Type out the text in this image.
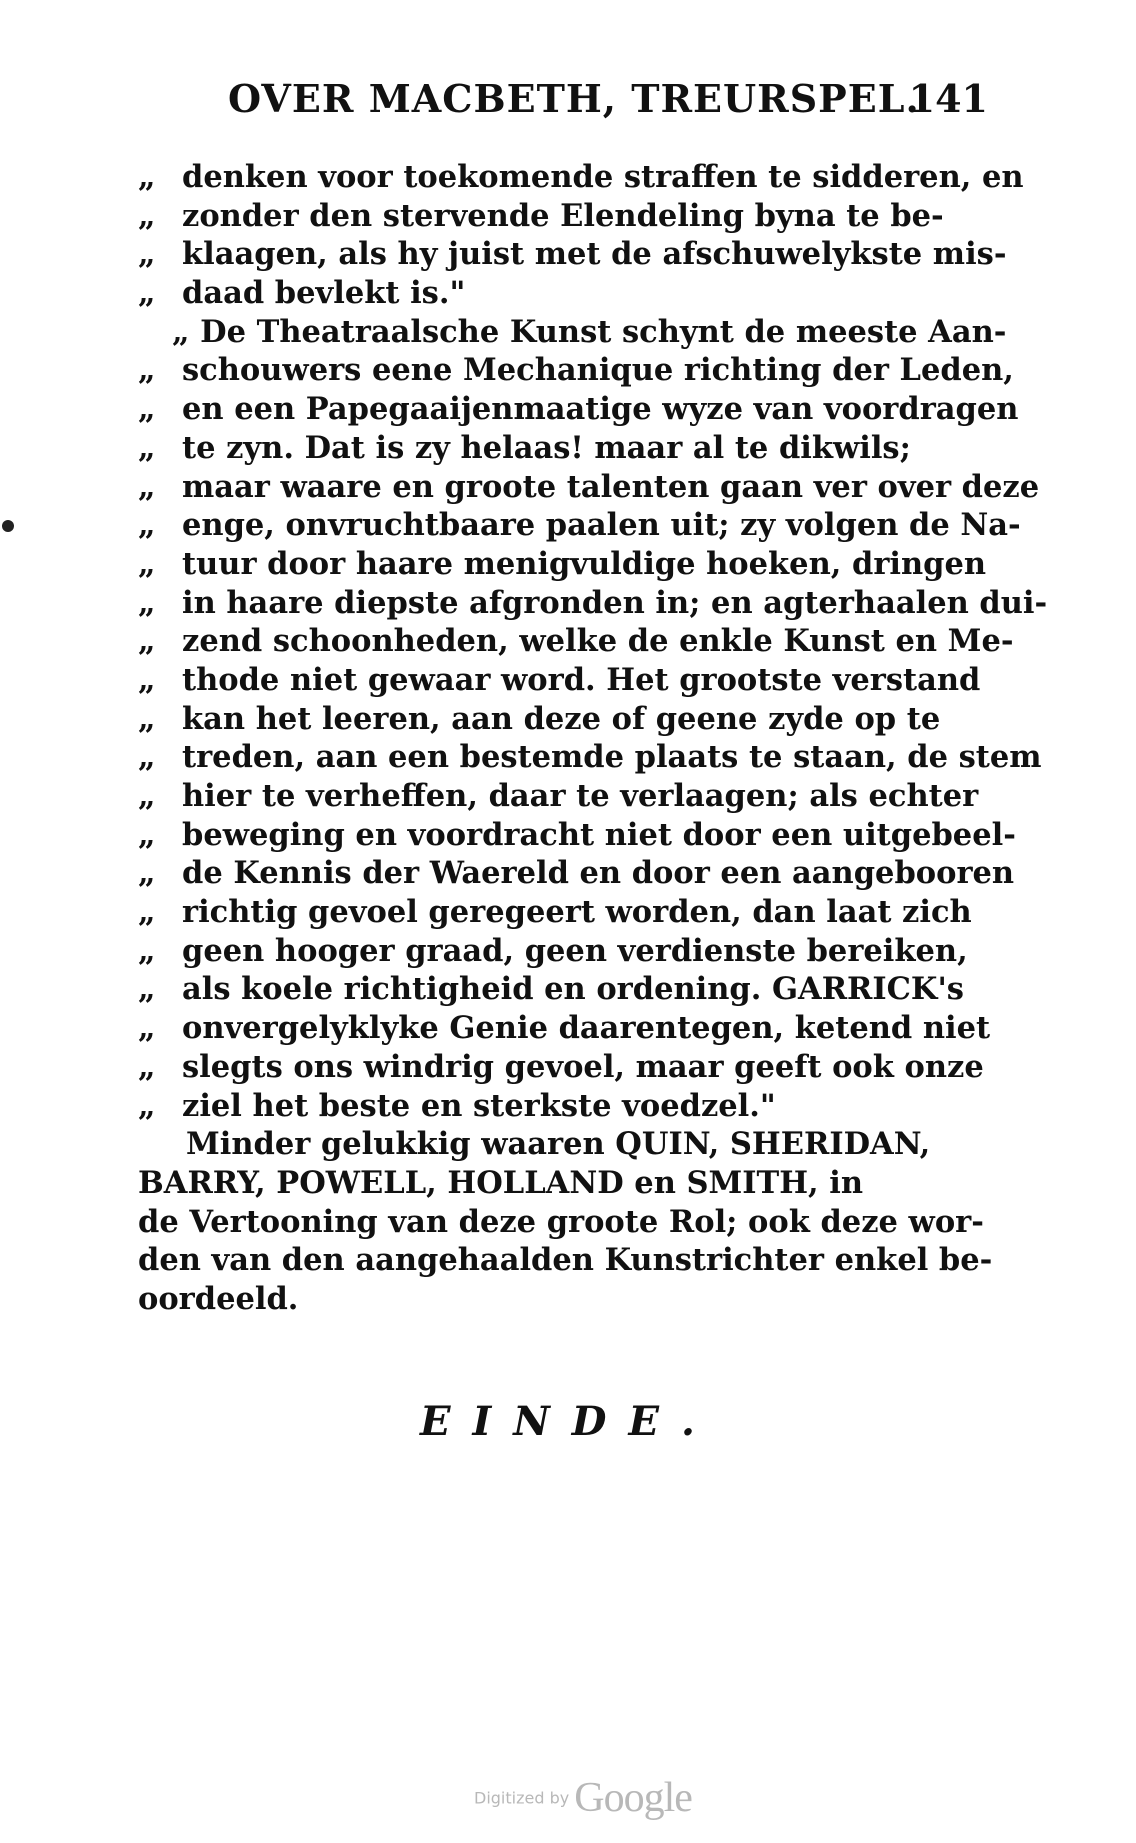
OVER MACBETH, TREURSPEL.
141
„ denken voor toekomende straffen te sidderen, en
„ zonder den stervende Elendeling byna te be-
„ klaagen, als hy juist met de afschuwelykste mis-
„ daad bevlekt is."
„ De Theatraalsche Kunst schynt de meeste Aan-
„ schouwers eene Mechanique richting der Leden,
„ en een Papegaaijenmaatige wyze van voordragen
„ te zyn. Dat is zy helaas! maar al te dikwils;
„ maar waare en groote talenten gaan ver over deze
„ enge, onvruchtbaare paalen uit; zy volgen de Na-
„ tuur door haare menigvuldige hoeken, dringen
„ in haare diepste afgronden in; en agterhaalen dui-
„ zend schoonheden, welke de enkle Kunst en Me-
„ thode niet gewaar word. Het grootste verstand
„ kan het leeren, aan deze of geene zyde op te
„ treden, aan een bestemde plaats te staan, de stem
„ hier te verheffen, daar te verlaagen; als echter
„ beweging en voordracht niet door een uitgebeel-
„ de Kennis der Waereld en door een aangebooren
„ richtig gevoel geregeert worden, dan laat zich
„ geen hooger graad, geen verdienste bereiken,
„ als koele richtigheid en ordening. GARRICK's
„ onvergelyklyke Genie daarentegen, ketend niet
„ slegts ons windrig gevoel, maar geeft ook onze
„ ziel het beste en sterkste voedzel."
Minder gelukkig waaren QUIN, SHERIDAN,
BARRY, POWELL, HOLLAND en SMITH, in
de Vertooning van deze groote Rol; ook deze wor-
den van den aangehaalden Kunstrichter enkel be-
oordeeld.
EINDE.
Digitized by Google
